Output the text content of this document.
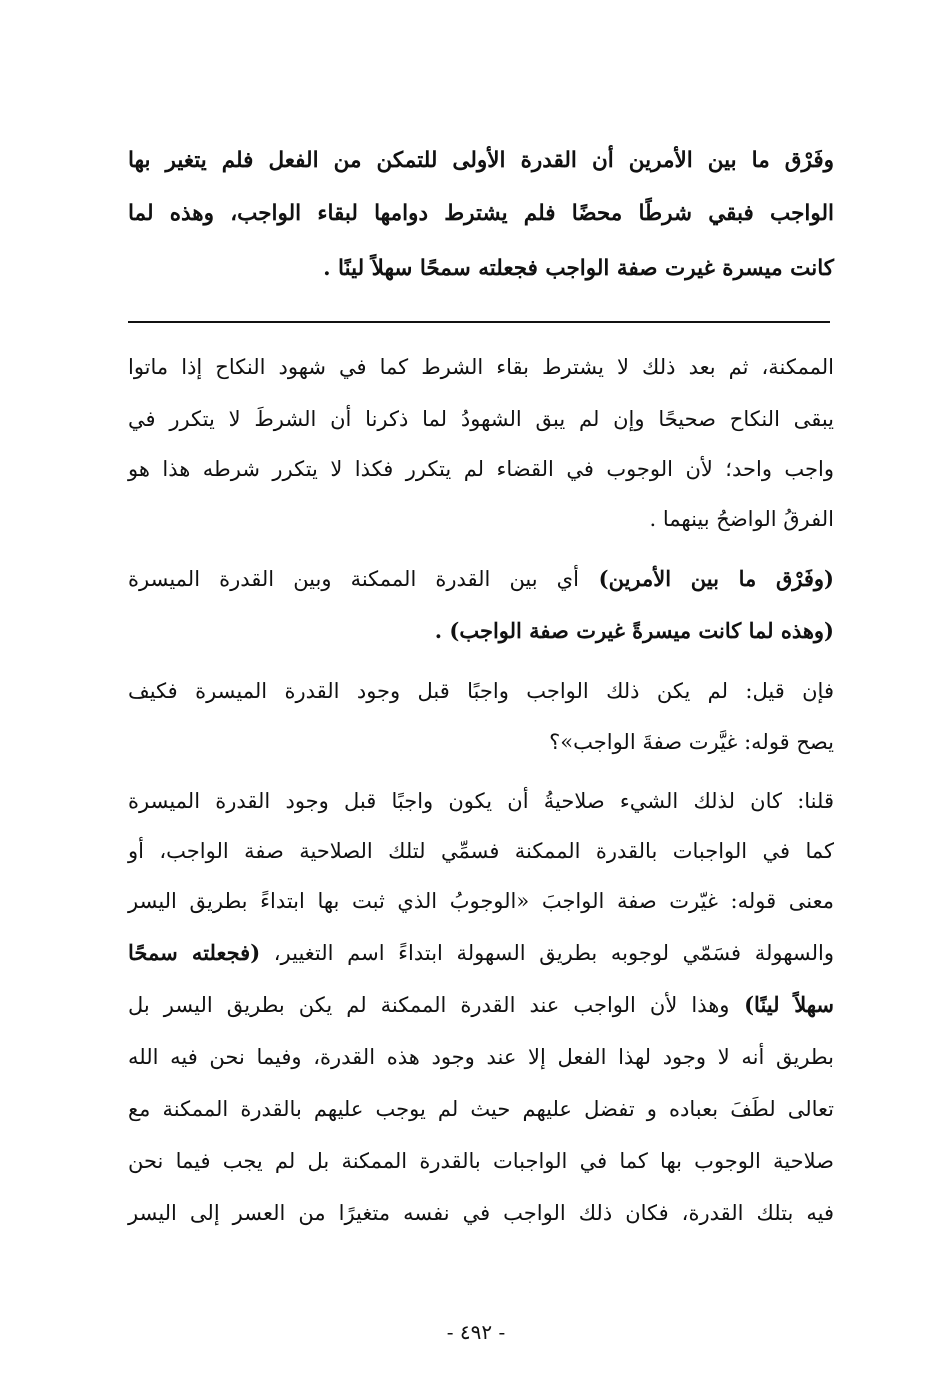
وفَرْق ما بين الأمرين أن القدرة الأولى للتمكن من الفعل فلم يتغير بها
الواجب فبقي شرطًا محضًا فلم يشترط دوامها لبقاء الواجب، وهذه لما
كانت ميسرة غيرت صفة الواجب فجعلته سمحًا سهلاً لينًا .
الممكنة، ثم بعد ذلك لا يشترط بقاء الشرط كما في شهود النكاح إذا ماتوا
يبقى النكاح صحيحًا وإن لم يبق الشهودُ لما ذكرنا أن الشرطَ لا يتكرر في
واجب واحد؛ لأن الوجوب في القضاء لم يتكرر فكذا لا يتكرر شرطه هذا هو
الفرقُ الواضحُ بينهما .
(وفَرْق ما بين الأمرين) أي بين القدرة الممكنة وبين القدرة الميسرة
(وهذه لما كانت ميسرةً غيرت صفة الواجب) .
فإن قيل: لم يكن ذلك الواجب واجبًا قبل وجود القدرة الميسرة فكيف
يصح قوله: غيَّرت صفةَ الواجب»؟
قلنا: كان لذلك الشيء صلاحيةُ أن يكون واجبًا قبل وجود القدرة الميسرة
كما في الواجبات بالقدرة الممكنة فسمِّي لتلك الصلاحية صفة الواجب، أو
معنى قوله: غيّرت صفة الواجبَ «الوجوبُ الذي ثبت بها ابتداءً بطريق اليسر
والسهولة فسَمّي لوجوبه بطريق السهولة ابتداءً اسم التغيير، (فجعلته سمحًا
سهلاً لينًا) وهذا لأن الواجب عند القدرة الممكنة لم يكن بطريق اليسر بل
بطريق أنه لا وجود لهذا الفعل إلا عند وجود هذه القدرة، وفيما نحن فيه الله
تعالى لطَفَ بعباده و تفضل عليهم حيث لم يوجب عليهم بالقدرة الممكنة مع
صلاحية الوجوب بها كما في الواجبات بالقدرة الممكنة بل لم يجب فيما نحن
فيه بتلك القدرة، فكان ذلك الواجب في نفسه متغيرًا من العسر إلى اليسر
- ٤٩٢ -
